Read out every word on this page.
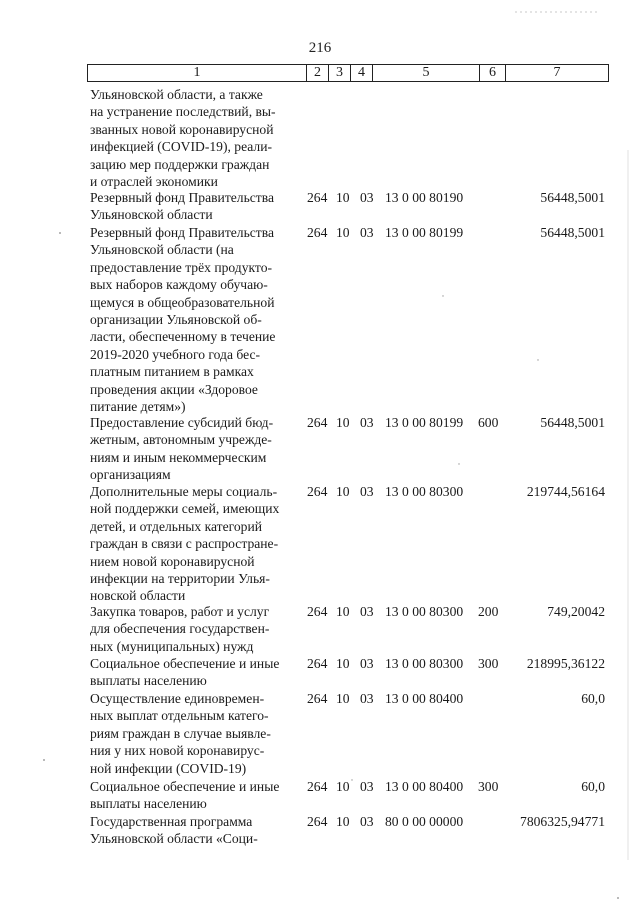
216
1	2	3	4	5	6	7
Ульяновской области, а также
на устранение последствий, вы-
званных новой коронавирусной
инфекцией (COVID-19), реали-
зацию мер поддержки граждан
и отраслей экономики
Резервный фонд Правительства
Ульяновской области
264 10 03 13 0 00 80190	56448,5001
Резервный фонд Правительства
Ульяновской области (на
предоставление трёх продукто-
вых наборов каждому обучаю-
щемуся в общеобразовательной
организации Ульяновской об-
ласти, обеспеченному в течение
2019-2020 учебного года бес-
платным питанием в рамках
проведения акции «Здоровое
питание детям»)
264 10 03 13 0 00 80199	56448,5001
Предоставление субсидий бюд-
жетным, автономным учрежде-
ниям и иным некоммерческим
организациям
264 10 03 13 0 00 80199 600	56448,5001
Дополнительные меры социаль-
ной поддержки семей, имеющих
детей, и отдельных категорий
граждан в связи с распростране-
нием новой коронавирусной
инфекции на территории Улья-
новской области
264 10 03 13 0 00 80300	219744,56164
Закупка товаров, работ и услуг
для обеспечения государствен-
ных (муниципальных) нужд
264 10 03 13 0 00 80300 200	749,20042
Социальное обеспечение и иные
выплаты населению
264 10 03 13 0 00 80300 300 218995,36122
Осуществление единовремен-
ных выплат отдельным катего-
риям граждан в случае выявле-
ния у них новой коронавирус-
ной инфекции (COVID-19)
264 10 03 13 0 00 80400	60,0
Социальное обеспечение и иные
выплаты населению
264 10 03 13 0 00 80400 300	60,0
Государственная программа
Ульяновской области «Соци-
264 10 03 80 0 00 00000	7806325,94771
